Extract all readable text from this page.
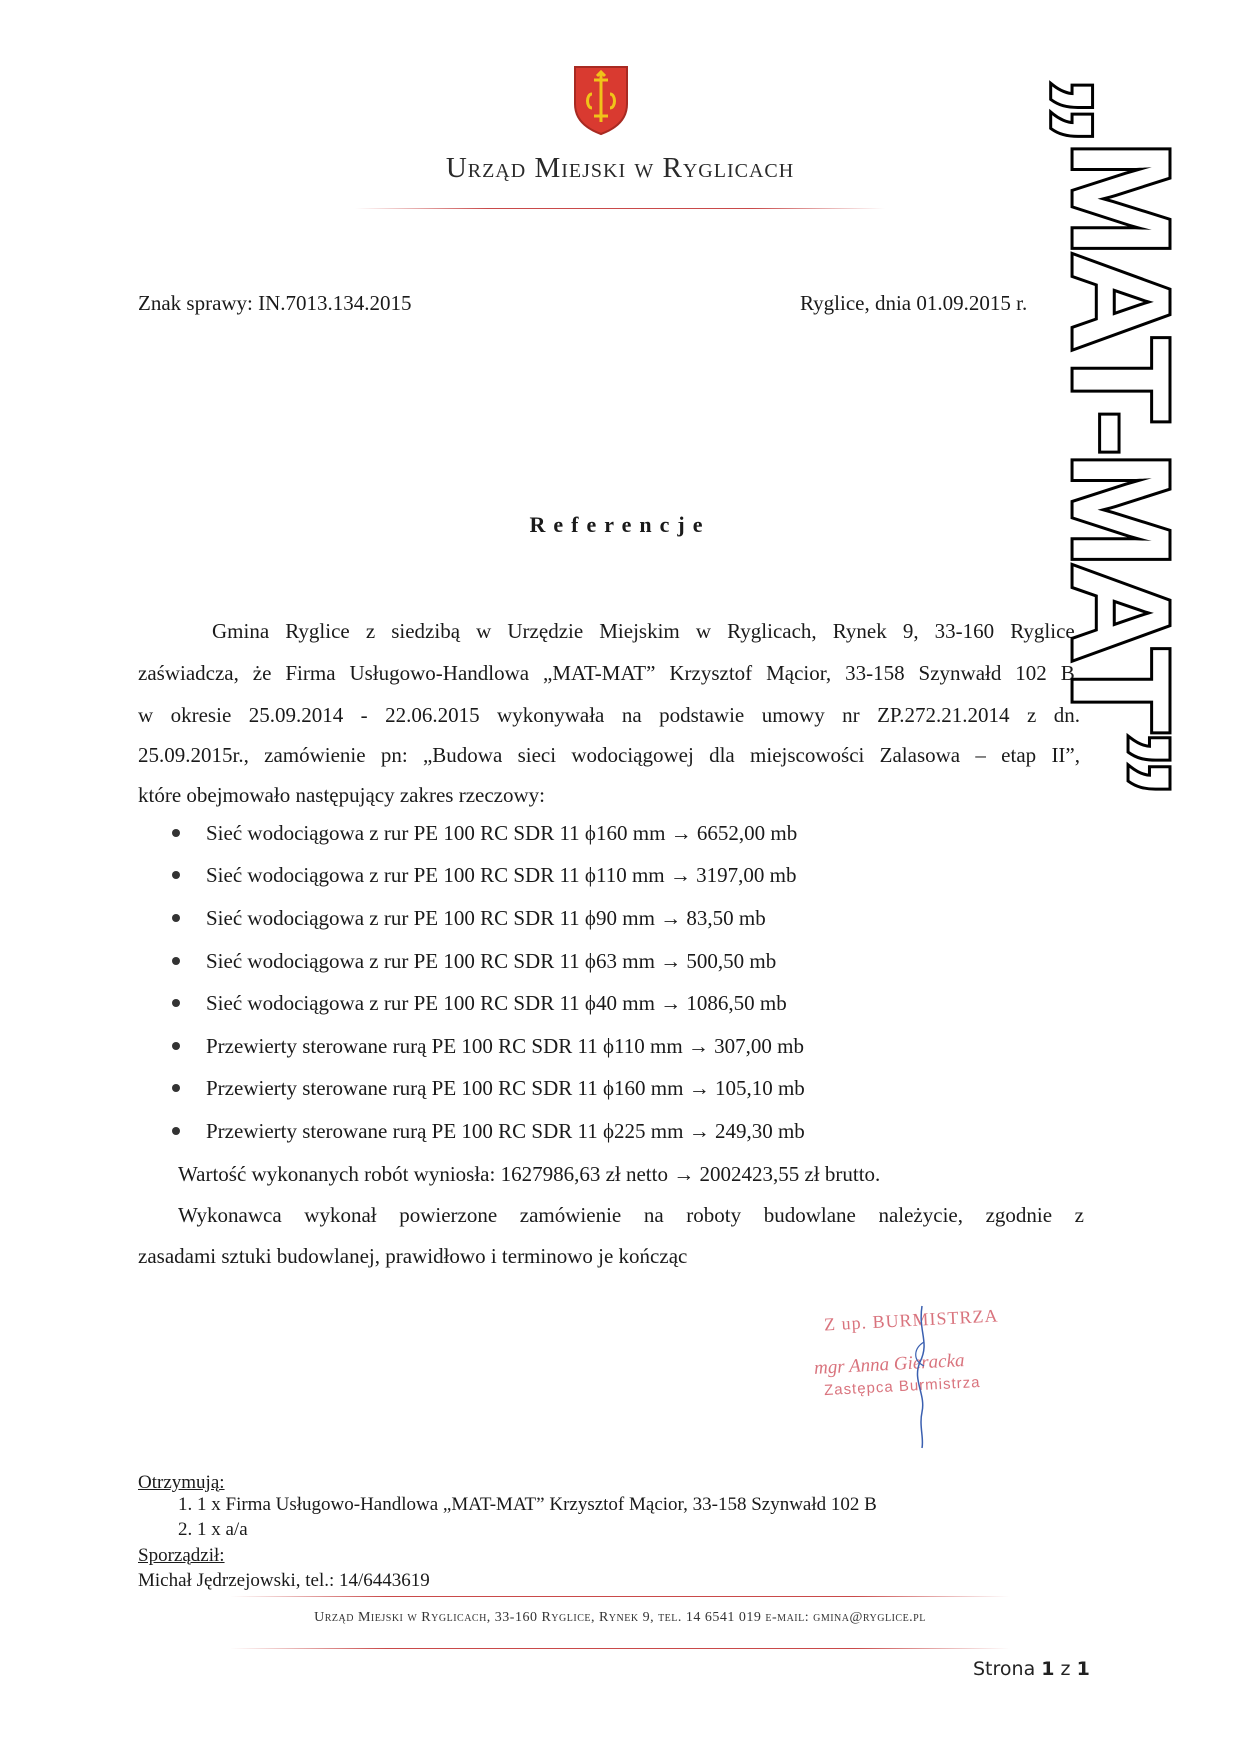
Urząd Miejski w Ryglicach
Znak sprawy: IN.7013.134.2015	Ryglice, dnia 01.09.2015 r.
Referencje
Gmina Ryglice z siedzibą w Urzędzie Miejskim w Ryglicach, Rynek 9, 33-160 Ryglice,
zaświadcza, że Firma Usługowo-Handlowa „MAT-MAT” Krzysztof Mącior, 33-158 Szynwałd 102 B,
w okresie 25.09.2014 - 22.06.2015 wykonywała na podstawie umowy nr ZP.272.21.2014 z dn.
25.09.2015r., zamówienie pn: „Budowa sieci wodociągowej dla miejscowości Zalasowa – etap II”,
które obejmowało następujący zakres rzeczowy:
Sieć wodociągowa z rur PE 100 RC SDR 11 ϕ160 mm → 6652,00 mb
Sieć wodociągowa z rur PE 100 RC SDR 11 ϕ110 mm → 3197,00 mb
Sieć wodociągowa z rur PE 100 RC SDR 11 ϕ90 mm → 83,50 mb
Sieć wodociągowa z rur PE 100 RC SDR 11 ϕ63 mm → 500,50 mb
Sieć wodociągowa z rur PE 100 RC SDR 11 ϕ40 mm → 1086,50 mb
Przewierty sterowane rurą PE 100 RC SDR 11 ϕ110 mm → 307,00 mb
Przewierty sterowane rurą PE 100 RC SDR 11 ϕ160 mm → 105,10 mb
Przewierty sterowane rurą PE 100 RC SDR 11 ϕ225 mm → 249,30 mb
Wartość wykonanych robót wyniosła: 1627986,63 zł netto → 2002423,55 zł brutto.
Wykonawca wykonał powierzone zamówienie na roboty budowlane należycie, zgodnie z
zasadami sztuki budowlanej, prawidłowo i terminowo je kończąc
Z up. BURMISTRZA
mgr Anna Gieracka
Zastępca Burmistrza
„MAT-MAT”
Otrzymują:
1. 1 x Firma Usługowo-Handlowa „MAT-MAT” Krzysztof Mącior, 33-158 Szynwałd 102 B
2. 1 x a/a
Sporządził:
Michał Jędrzejowski, tel.: 14/6443619
Urząd Miejski w Ryglicach, 33-160 Ryglice, Rynek 9, tel. 14 6541 019 e-mail: gmina@ryglice.pl
Strona 1 z 1
